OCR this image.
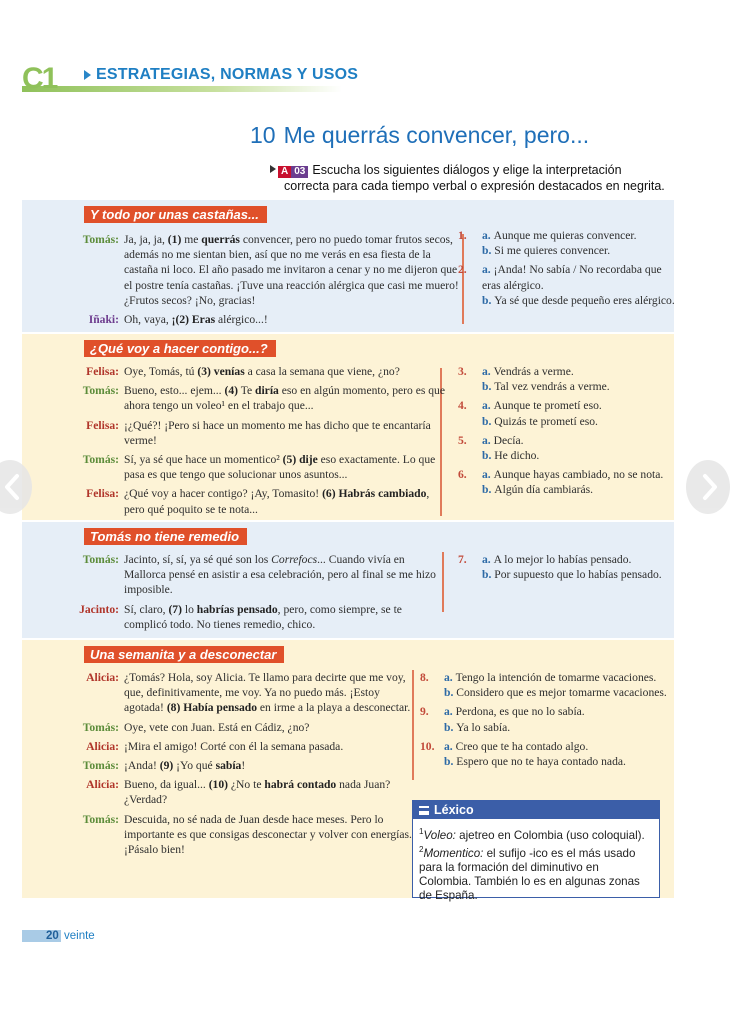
C1 ESTRATEGIAS, NORMAS Y USOS
10 Me querrás convencer, pero...
A 03 Escucha los siguientes diálogos y elige la interpretación
correcta para cada tiempo verbal o expresión destacados en negrita.
Y todo por unas castañas...
Tomás: Ja, ja, ja, (1) me querrás convencer, pero no puedo tomar frutos secos, además no me sientan bien, así que no me verás en esa fiesta de la castaña ni loco. El año pasado me invitaron a cenar y no me dijeron que el postre tenía castañas. ¡Tuve una reacción alérgica que casi me muero! ¿Frutos secos? ¡No, gracias!
Iñaki: Oh, vaya, ¡(2) Eras alérgico...!
1. a. Aunque me quieras convencer.
b. Si me quieres convencer.
2. a. ¡Anda! No sabía / No recordaba que eras alérgico.
b. Ya sé que desde pequeño eres alérgico.
¿Qué voy a hacer contigo...?
Felisa: Oye, Tomás, tú (3) venías a casa la semana que viene, ¿no?
Tomás: Bueno, esto... ejem... (4) Te diría eso en algún momento, pero es que ahora tengo un voleo¹ en el trabajo que...
Felisa: ¡¿Qué?! ¡Pero si hace un momento me has dicho que te encantaría verme!
Tomás: Sí, ya sé que hace un momentico² (5) dije eso exactamente. Lo que pasa es que tengo que solucionar unos asuntos...
Felisa: ¿Qué voy a hacer contigo? ¡Ay, Tomasito! (6) Habrás cambiado, pero qué poquito se te nota...
3. a. Vendrás a verme.
b. Tal vez vendrás a verme.
4. a. Aunque te prometí eso.
b. Quizás te prometí eso.
5. a. Decía.
b. He dicho.
6. a. Aunque hayas cambiado, no se nota.
b. Algún día cambiarás.
Tomás no tiene remedio
Tomás: Jacinto, sí, sí, ya sé qué son los Correfocs... Cuando vivía en Mallorca pensé en asistir a esa celebración, pero al final se me hizo imposible.
Jacinto: Sí, claro, (7) lo habrías pensado, pero, como siempre, se te complicó todo. No tienes remedio, chico.
7. a. A lo mejor lo habías pensado.
b. Por supuesto que lo habías pensado.
Una semanita y a desconectar
Alicia: ¿Tomás? Hola, soy Alicia. Te llamo para decirte que me voy, que, definitivamente, me voy. Ya no puedo más. ¡Estoy agotada! (8) Había pensado en irme a la playa a desconectar.
Tomás: Oye, vete con Juan. Está en Cádiz, ¿no?
Alicia: ¡Mira el amigo! Corté con él la semana pasada.
Tomás: ¡Anda! (9) ¡Yo qué sabía!
Alicia: Bueno, da igual... (10) ¿No te habrá contado nada Juan? ¿Verdad?
Tomás: Descuida, no sé nada de Juan desde hace meses. Pero lo importante es que consigas desconectar y volver con energías. ¡Pásalo bien!
8. a. Tengo la intención de tomarme vacaciones.
b. Considero que es mejor tomarme vacaciones.
9. a. Perdona, es que no lo sabía.
b. Ya lo sabía.
10. a. Creo que te ha contado algo.
b. Espero que no te haya contado nada.
Léxico
$^1$Voleo: ajetreo en Colombia (uso coloquial).
$^2$Momentico: el sufijo -ico es el más usado para la formación del diminutivo en Colombia. También lo es en algunas zonas de España.
20 veinte
